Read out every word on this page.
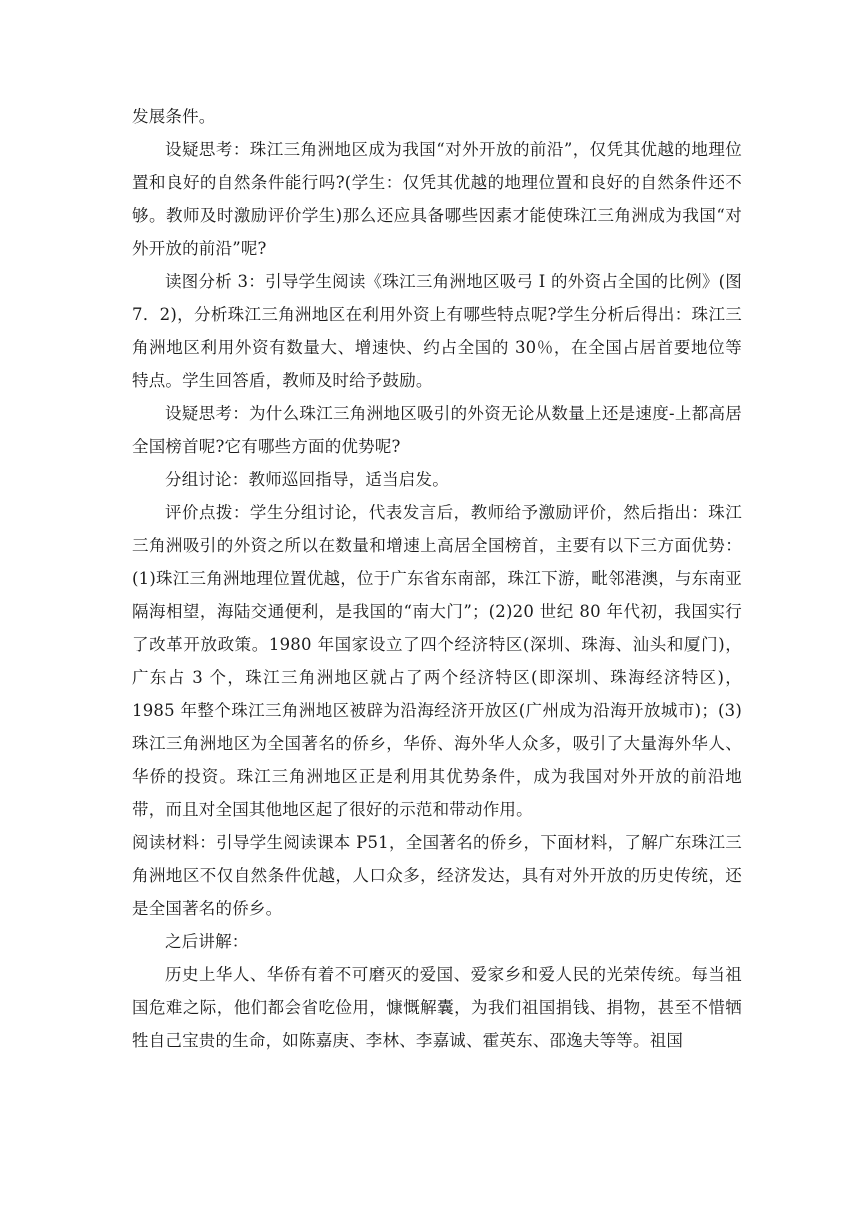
发展条件。

设疑思考：珠江三角洲地区成为我国“对外开放的前沿”，仅凭其优越的地理位置和良好的自然条件能行吗?(学生：仅凭其优越的地理位置和良好的自然条件还不够。教师及时激励评价学生)那么还应具备哪些因素才能使珠江三角洲成为我国“对外开放的前沿”呢?

读图分析 3：引导学生阅读《珠江三角洲地区吸弓 I 的外资占全国的比例》(图 7．2)，分析珠江三角洲地区在利用外资上有哪些特点呢?学生分析后得出：珠江三角洲地区利用外资有数量大、增速快、约占全国的 30％，在全国占居首要地位等特点。学生回答盾，教师及时给予鼓励。

设疑思考：为什么珠江三角洲地区吸引的外资无论从数量上还是速度-上都高居全国榜首呢?它有哪些方面的优势呢?

分组讨论：教师巡回指导，适当启发。

评价点拨：学生分组讨论，代表发言后，教师给予激励评价，然后指出：珠江三角洲吸引的外资之所以在数量和增速上高居全国榜首，主要有以下三方面优势：(1)珠江三角洲地理位置优越，位于广东省东南部，珠江下游，毗邻港澳，与东南亚隔海相望，海陆交通便利，是我国的“南大门”；(2)20 世纪 80 年代初，我国实行了改革开放政策。1980 年国家设立了四个经济特区(深圳、珠海、汕头和厦门)，广东占 3 个，珠江三角洲地区就占了两个经济特区(即深圳、珠海经济特区)，1985 年整个珠江三角洲地区被辟为沿海经济开放区(广州成为沿海开放城市)；(3)珠江三角洲地区为全国著名的侨乡，华侨、海外华人众多，吸引了大量海外华人、华侨的投资。珠江三角洲地区正是利用其优势条件，成为我国对外开放的前沿地带，而且对全国其他地区起了很好的示范和带动作用。

阅读材料：引导学生阅读课本 P51，全国著名的侨乡，下面材料，了解广东珠江三角洲地区不仅自然条件优越，人口众多，经济发达，具有对外开放的历史传统，还是全国著名的侨乡。

之后讲解：

历史上华人、华侨有着不可磨灭的爱国、爱家乡和爱人民的光荣传统。每当祖国危难之际，他们都会省吃俭用，慷慨解囊，为我们祖国捐钱、捐物，甚至不惜牺牲自己宝贵的生命，如陈嘉庚、李林、李嘉诚、霍英东、邵逸夫等等。祖国
